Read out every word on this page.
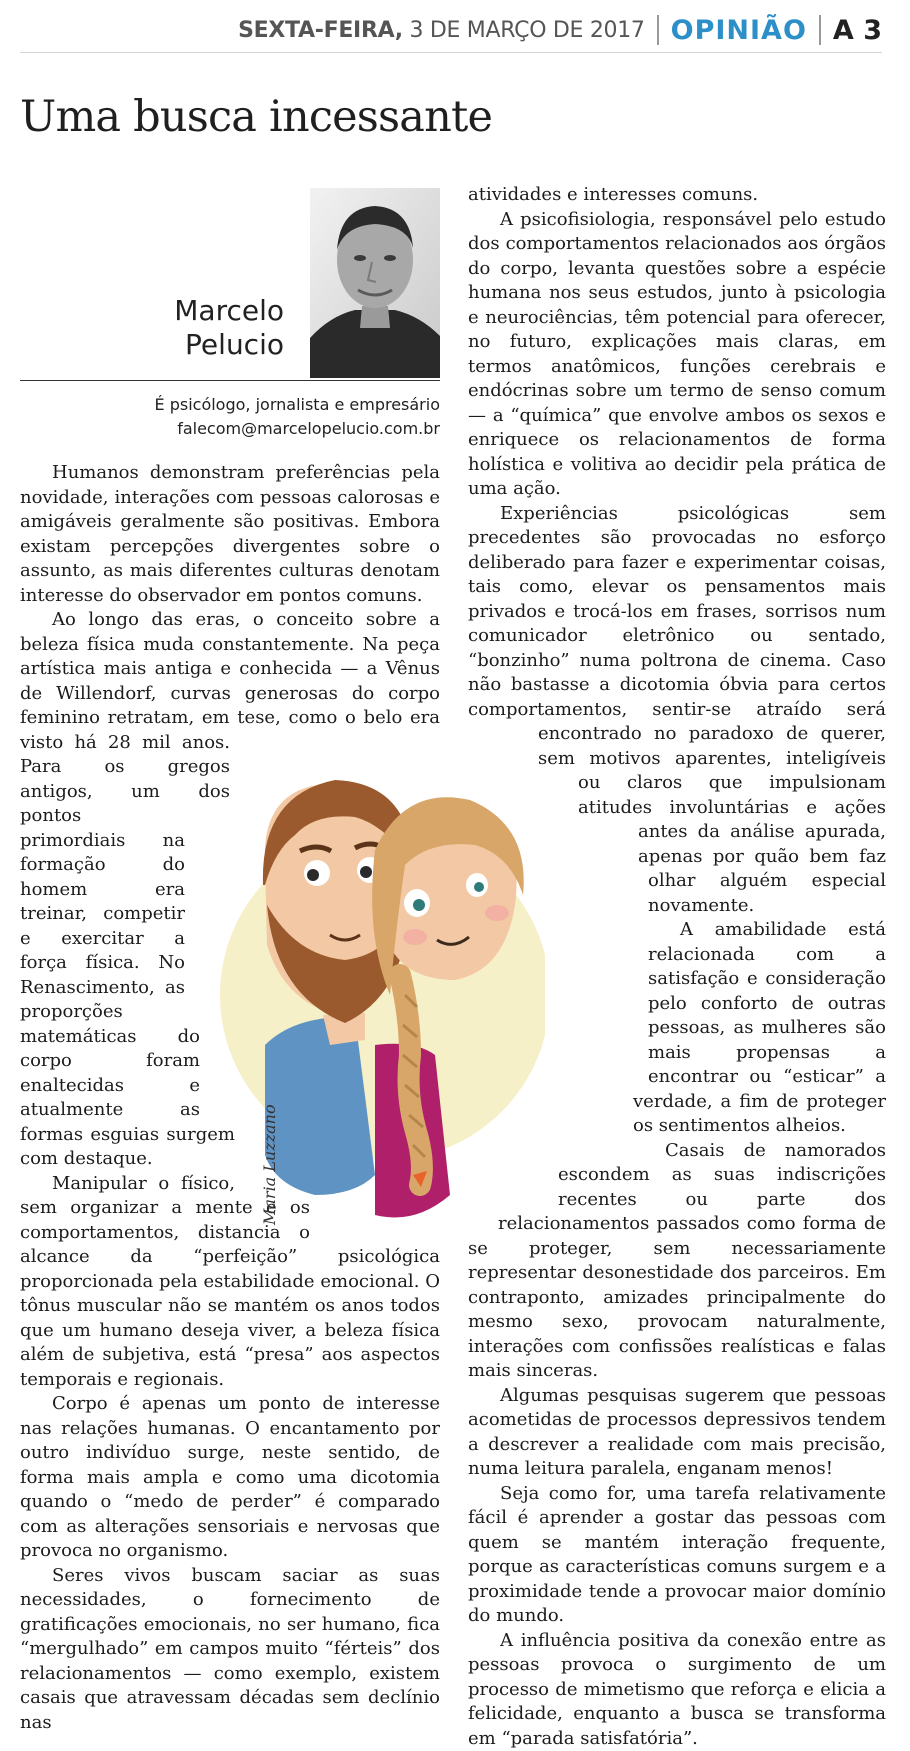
SEXTA-FEIRA, 3 DE MARÇO DE 2017 OPINIÃO A 3
Uma busca incessante
Marcelo
Pelucio
É psicólogo, jornalista e empresário
falecom@marcelopelucio.com.br

Humanos demonstram preferências pela novidade, interações com pessoas calorosas e amigáveis geralmente são positivas. Embora existam percepções divergentes sobre o assunto, as mais diferentes culturas denotam interesse do observador em pontos comuns.

Ao longo das eras, o conceito sobre a beleza física muda constantemente. Na peça artística mais antiga e conhecida — a Vênus de Willendorf, curvas generosas do corpo feminino retratam, em tese, como o belo era visto há 28 mil anos. Para os gregos antigos, um dos pontos primordiais na formação do homem era treinar, competir e exercitar a força física. No Renascimento, as proporções matemáticas do corpo foram enaltecidas e atualmente as formas esguias surgem com destaque.

Manipular o físico, sem organizar a mente e os comportamentos, distancia o alcance da “perfeição” psicológica proporcionada pela estabilidade emocional. O tônus muscular não se mantém os anos todos que um humano deseja viver, a beleza física além de subjetiva, está “presa” aos aspectos temporais e regionais.

Corpo é apenas um ponto de interesse nas relações humanas. O encantamento por outro indivíduo surge, neste sentido, de forma mais ampla e como uma dicotomia quando o “medo de perder” é comparado com as alterações sensoriais e nervosas que provoca no organismo.

Seres vivos buscam saciar as suas necessidades, o fornecimento de gratificações emocionais, no ser humano, fica “mergulhado” em campos muito “férteis” dos relacionamentos — como exemplo, existem casais que atravessam décadas sem declínio nas

atividades e interesses comuns.

A psicofisiologia, responsável pelo estudo dos comportamentos relacionados aos órgãos do corpo, levanta questões sobre a espécie humana nos seus estudos, junto à psicologia e neurociências, têm potencial para oferecer, no futuro, explicações mais claras, em termos anatômicos, funções cerebrais e endócrinas sobre um termo de senso comum — a “química” que envolve ambos os sexos e enriquece os relacionamentos de forma holística e volitiva ao decidir pela prática de uma ação.

Experiências psicológicas sem precedentes são provocadas no esforço deliberado para fazer e experimentar coisas, tais como, elevar os pensamentos mais privados e trocá-los em frases, sorrisos num comunicador eletrônico ou sentado, “bonzinho” numa poltrona de cinema. Caso não bastasse a dicotomia óbvia para certos comportamentos, sentir-se atraído será encontrado no paradoxo de querer, sem motivos aparentes, inteligíveis ou claros que impulsionam atitudes involuntárias e ações antes da análise apurada, apenas por quão bem faz olhar alguém especial novamente.

A amabilidade está relacionada com a satisfação e consideração pelo conforto de outras pessoas, as mulheres são mais propensas a encontrar ou “esticar” a verdade, a fim de proteger os sentimentos alheios.

Casais de namorados escondem as suas indiscrições recentes ou parte dos relacionamentos passados como forma de se proteger, sem necessariamente representar desonestidade dos parceiros. Em contraponto, amizades principalmente do mesmo sexo, provocam naturalmente, interações com confissões realísticas e falas mais sinceras.

Algumas pesquisas sugerem que pessoas acometidas de processos depressivos tendem a descrever a realidade com mais precisão, numa leitura paralela, enganam menos!

Seja como for, uma tarefa relativamente fácil é aprender a gostar das pessoas com quem se mantém interação frequente, porque as características comuns surgem e a proximidade tende a provocar maior domínio do mundo.

A influência positiva da conexão entre as pessoas provoca o surgimento de um processo de mimetismo que reforça e elicia a felicidade, enquanto a busca se transforma em “parada satisfatória”.

Maria Luzzano
